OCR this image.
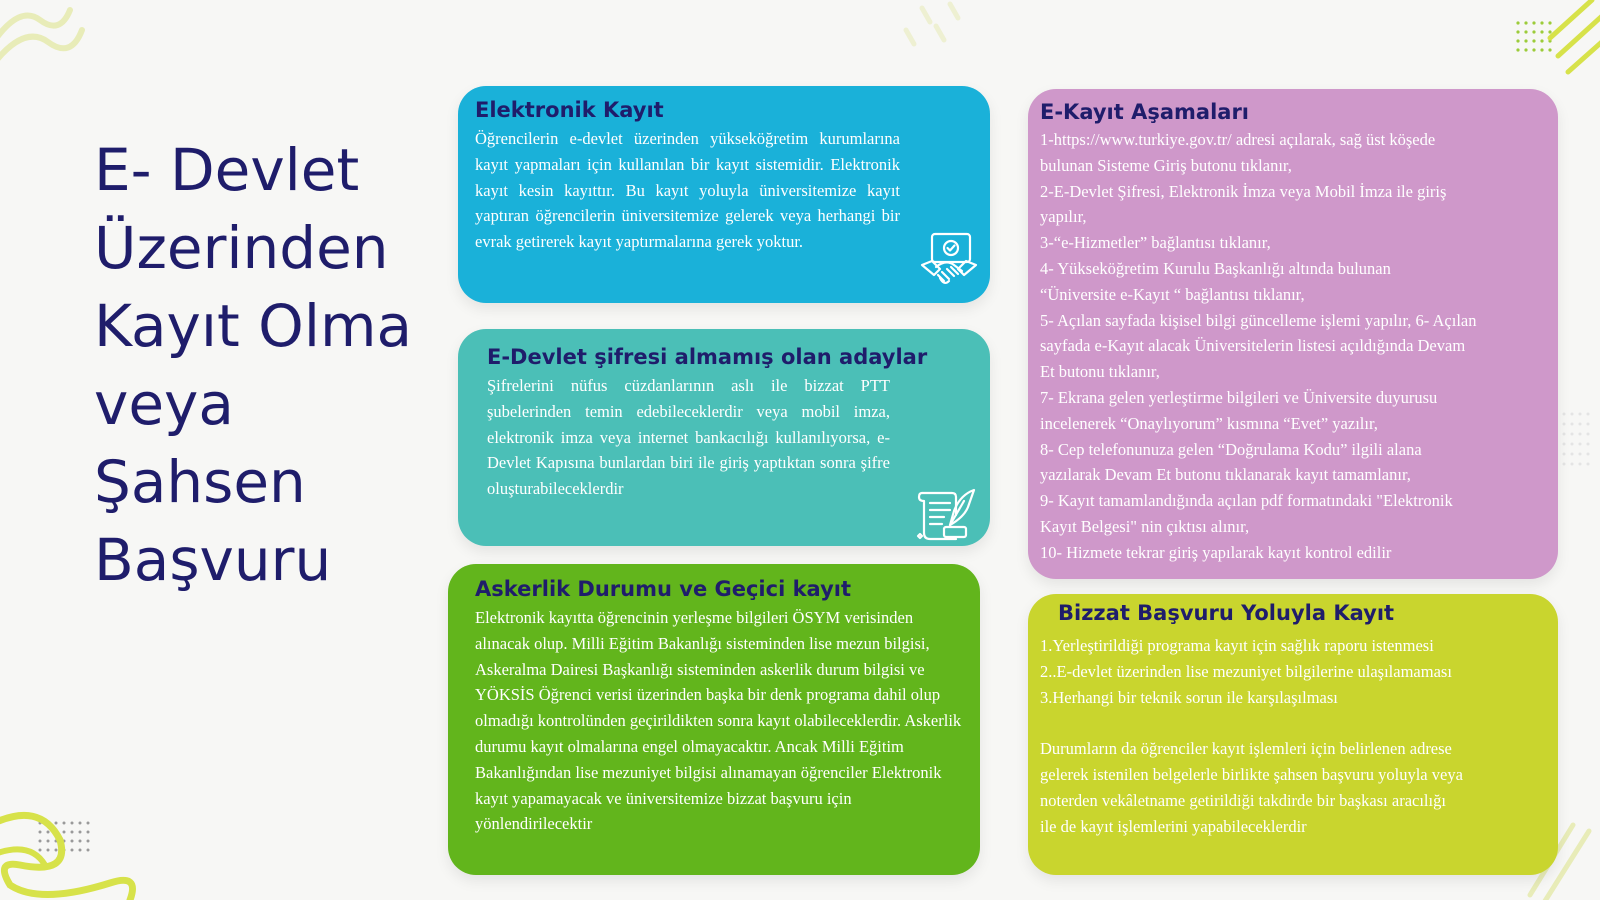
E- Devlet
Üzerinden
Kayıt Olma
veya
Şahsen
Başvuru
Elektronik Kayıt

Öğrencilerin e-devlet üzerinden yükseköğretim kurumlarına kayıt yapmaları için kullanılan bir kayıt sistemidir. Elektronik kayıt kesin kayıttır. Bu kayıt yoluyla üniversitemize kayıt yaptıran öğrencilerin üniversitemize gelerek veya herhangi bir evrak getirerek kayıt yaptırmalarına gerek yoktur.

E-Devlet şifresi almamış olan adaylar

Şifrelerini nüfus cüzdanlarının aslı ile bizzat PTT şubelerinden temin edebileceklerdir veya mobil imza, elektronik imza veya internet bankacılığı kullanılıyorsa, e-Devlet Kapısına bunlardan biri ile giriş yaptıktan sonra şifre oluşturabileceklerdir

Askerlik Durumu ve Geçici kayıt

Elektronik kayıtta öğrencinin yerleşme bilgileri ÖSYM verisinden alınacak olup. Milli Eğitim Bakanlığı sisteminden lise mezun bilgisi, Askeralma Dairesi Başkanlığı sisteminden askerlik durum bilgisi ve YÖKSİS Öğrenci verisi üzerinden başka bir denk programa dahil olup olmadığı kontrolünden geçirildikten sonra kayıt olabileceklerdir. Askerlik durumu kayıt olmalarına engel olmayacaktır. Ancak Milli Eğitim Bakanlığından lise mezuniyet bilgisi alınamayan öğrenciler Elektronik kayıt yapamayacak ve üniversitemize bizzat başvuru için yönlendirilecektir

E-Kayıt Aşamaları
1-https://www.turkiye.gov.tr/ adresi açılarak, sağ üst köşede
bulunan Sisteme Giriş butonu tıklanır,
2-E-Devlet Şifresi, Elektronik İmza veya Mobil İmza ile giriş
yapılır,
3-“e-Hizmetler” bağlantısı tıklanır,
4- Yükseköğretim Kurulu Başkanlığı altında bulunan
“Üniversite e-Kayıt “ bağlantısı tıklanır,
5- Açılan sayfada kişisel bilgi güncelleme işlemi yapılır, 6- Açılan
sayfada e-Kayıt alacak Üniversitelerin listesi açıldığında Devam
Et butonu tıklanır,
7- Ekrana gelen yerleştirme bilgileri ve Üniversite duyurusu
incelenerek “Onaylıyorum” kısmına “Evet” yazılır,
8- Cep telefonunuza gelen “Doğrulama Kodu” ilgili alana
yazılarak Devam Et butonu tıklanarak kayıt tamamlanır,
9- Kayıt tamamlandığında açılan pdf formatındaki "Elektronik
Kayıt Belgesi" nin çıktısı alınır,
10- Hizmete tekrar giriş yapılarak kayıt kontrol edilir
Bizzat Başvuru Yoluyla Kayıt
1.Yerleştirildiği programa kayıt için sağlık raporu istenmesi
2..E-devlet üzerinden lise mezuniyet bilgilerine ulaşılamaması
3.Herhangi bir teknik sorun ile karşılaşılması
Durumların da öğrenciler kayıt işlemleri için belirlenen adrese
gelerek istenilen belgelerle birlikte şahsen başvuru yoluyla veya
noterden vekâletname getirildiği takdirde bir başkası aracılığı
ile de kayıt işlemlerini yapabileceklerdir
